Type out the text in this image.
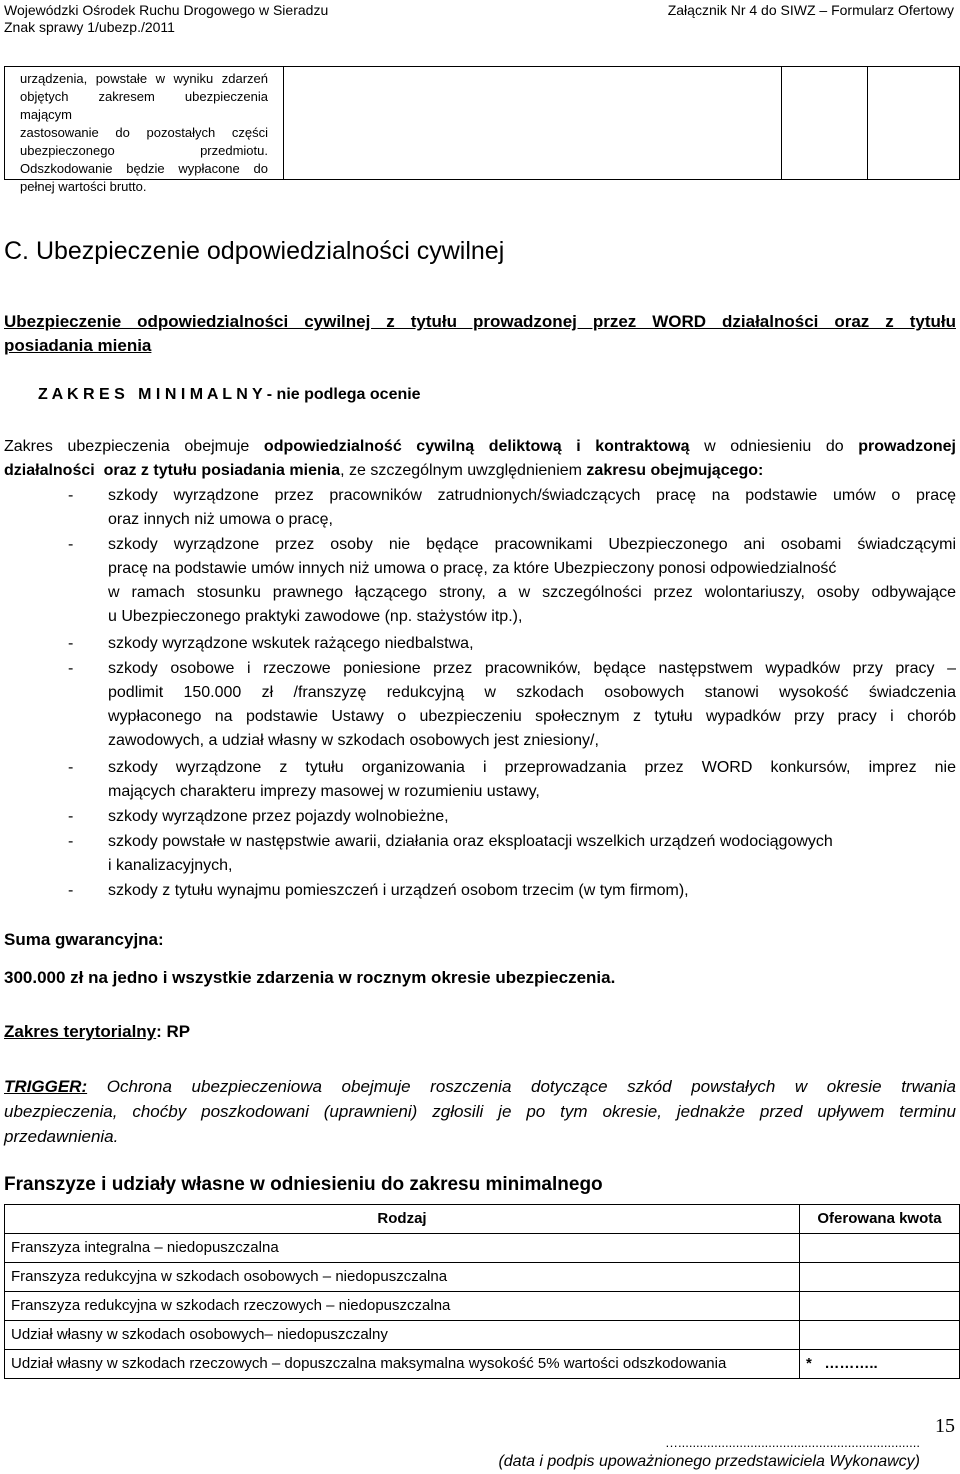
Wojewódzki Ośrodek Ruchu Drogowego w Sieradzu
Znak sprawy 1/ubezp./2011
Załącznik Nr 4 do SIWZ – Formularz Ofertowy
urządzenia, powstałe w wyniku zdarzeń
objętych zakresem ubezpieczenia mającym
zastosowanie do pozostałych części
ubezpieczonego przedmiotu.
Odszkodowanie będzie wypłacone do
pełnej wartości brutto.
C. Ubezpieczenie odpowiedzialności cywilnej
Ubezpieczenie odpowiedzialności cywilnej z tytułu prowadzonej przez WORD działalności oraz z tytułu
posiadania mienia
Z A K R E S   M I N I M A L N Y - nie podlega ocenie
Zakres ubezpieczenia obejmuje odpowiedzialność cywilną deliktową i kontraktową w odniesieniu do prowadzonej
działalności  oraz z tytułu posiadania mienia, ze szczególnym uwzględnieniem zakresu obejmującego:
- szkody wyrządzone przez pracowników zatrudnionych/świadczących pracę na podstawie umów o pracę
oraz innych niż umowa o pracę,
- szkody wyrządzone przez osoby nie będące pracownikami Ubezpieczonego ani osobami świadczącymi
pracę na podstawie umów innych niż umowa o pracę, za które Ubezpieczony ponosi odpowiedzialność
w ramach stosunku prawnego łączącego strony, a w szczególności przez wolontariuszy, osoby odbywające
u Ubezpieczonego praktyki zawodowe (np. stażystów itp.),
- szkody wyrządzone wskutek rażącego niedbalstwa,
- szkody osobowe i rzeczowe poniesione przez pracowników, będące następstwem wypadków przy pracy –
podlimit 150.000 zł /franszyzę redukcyjną w szkodach osobowych stanowi wysokość świadczenia
wypłaconego na podstawie Ustawy o ubezpieczeniu społecznym z tytułu wypadków przy pracy i chorób
zawodowych, a udział własny w szkodach osobowych jest zniesiony/,
- szkody wyrządzone z tytułu organizowania i przeprowadzania przez WORD konkursów, imprez nie
mających charakteru imprezy masowej w rozumieniu ustawy,
- szkody wyrządzone przez pojazdy wolnobieżne,
- szkody powstałe w następstwie awarii, działania oraz eksploatacji wszelkich urządzeń wodociągowych
i kanalizacyjnych,
- szkody z tytułu wynajmu pomieszczeń i urządzeń osobom trzecim (w tym firmom),
Suma gwarancyjna:
300.000 zł na jedno i wszystkie zdarzenia w rocznym okresie ubezpieczenia.
Zakres terytorialny: RP
TRIGGER: Ochrona ubezpieczeniowa obejmuje roszczenia dotyczące szkód powstałych w okresie trwania
ubezpieczenia, choćby poszkodowani (uprawnieni) zgłosili je po tym okresie, jednakże przed upływem terminu
przedawnienia.
Franszyze i udziały własne w odniesieniu do zakresu minimalnego
Rodzaj	Oferowana kwota
Franszyza integralna – niedopuszczalna	
Franszyza redukcyjna w szkodach osobowych – niedopuszczalna	
Franszyza redukcyjna w szkodach rzeczowych – niedopuszczalna	
Udział własny w szkodach osobowych– niedopuszczalny	
Udział własny w szkodach rzeczowych – dopuszczalna maksymalna wysokość 5% wartości odszkodowania	*   ………..
15
…...................................................................
(data i podpis upoważnionego przedstawiciela Wykonawcy)
